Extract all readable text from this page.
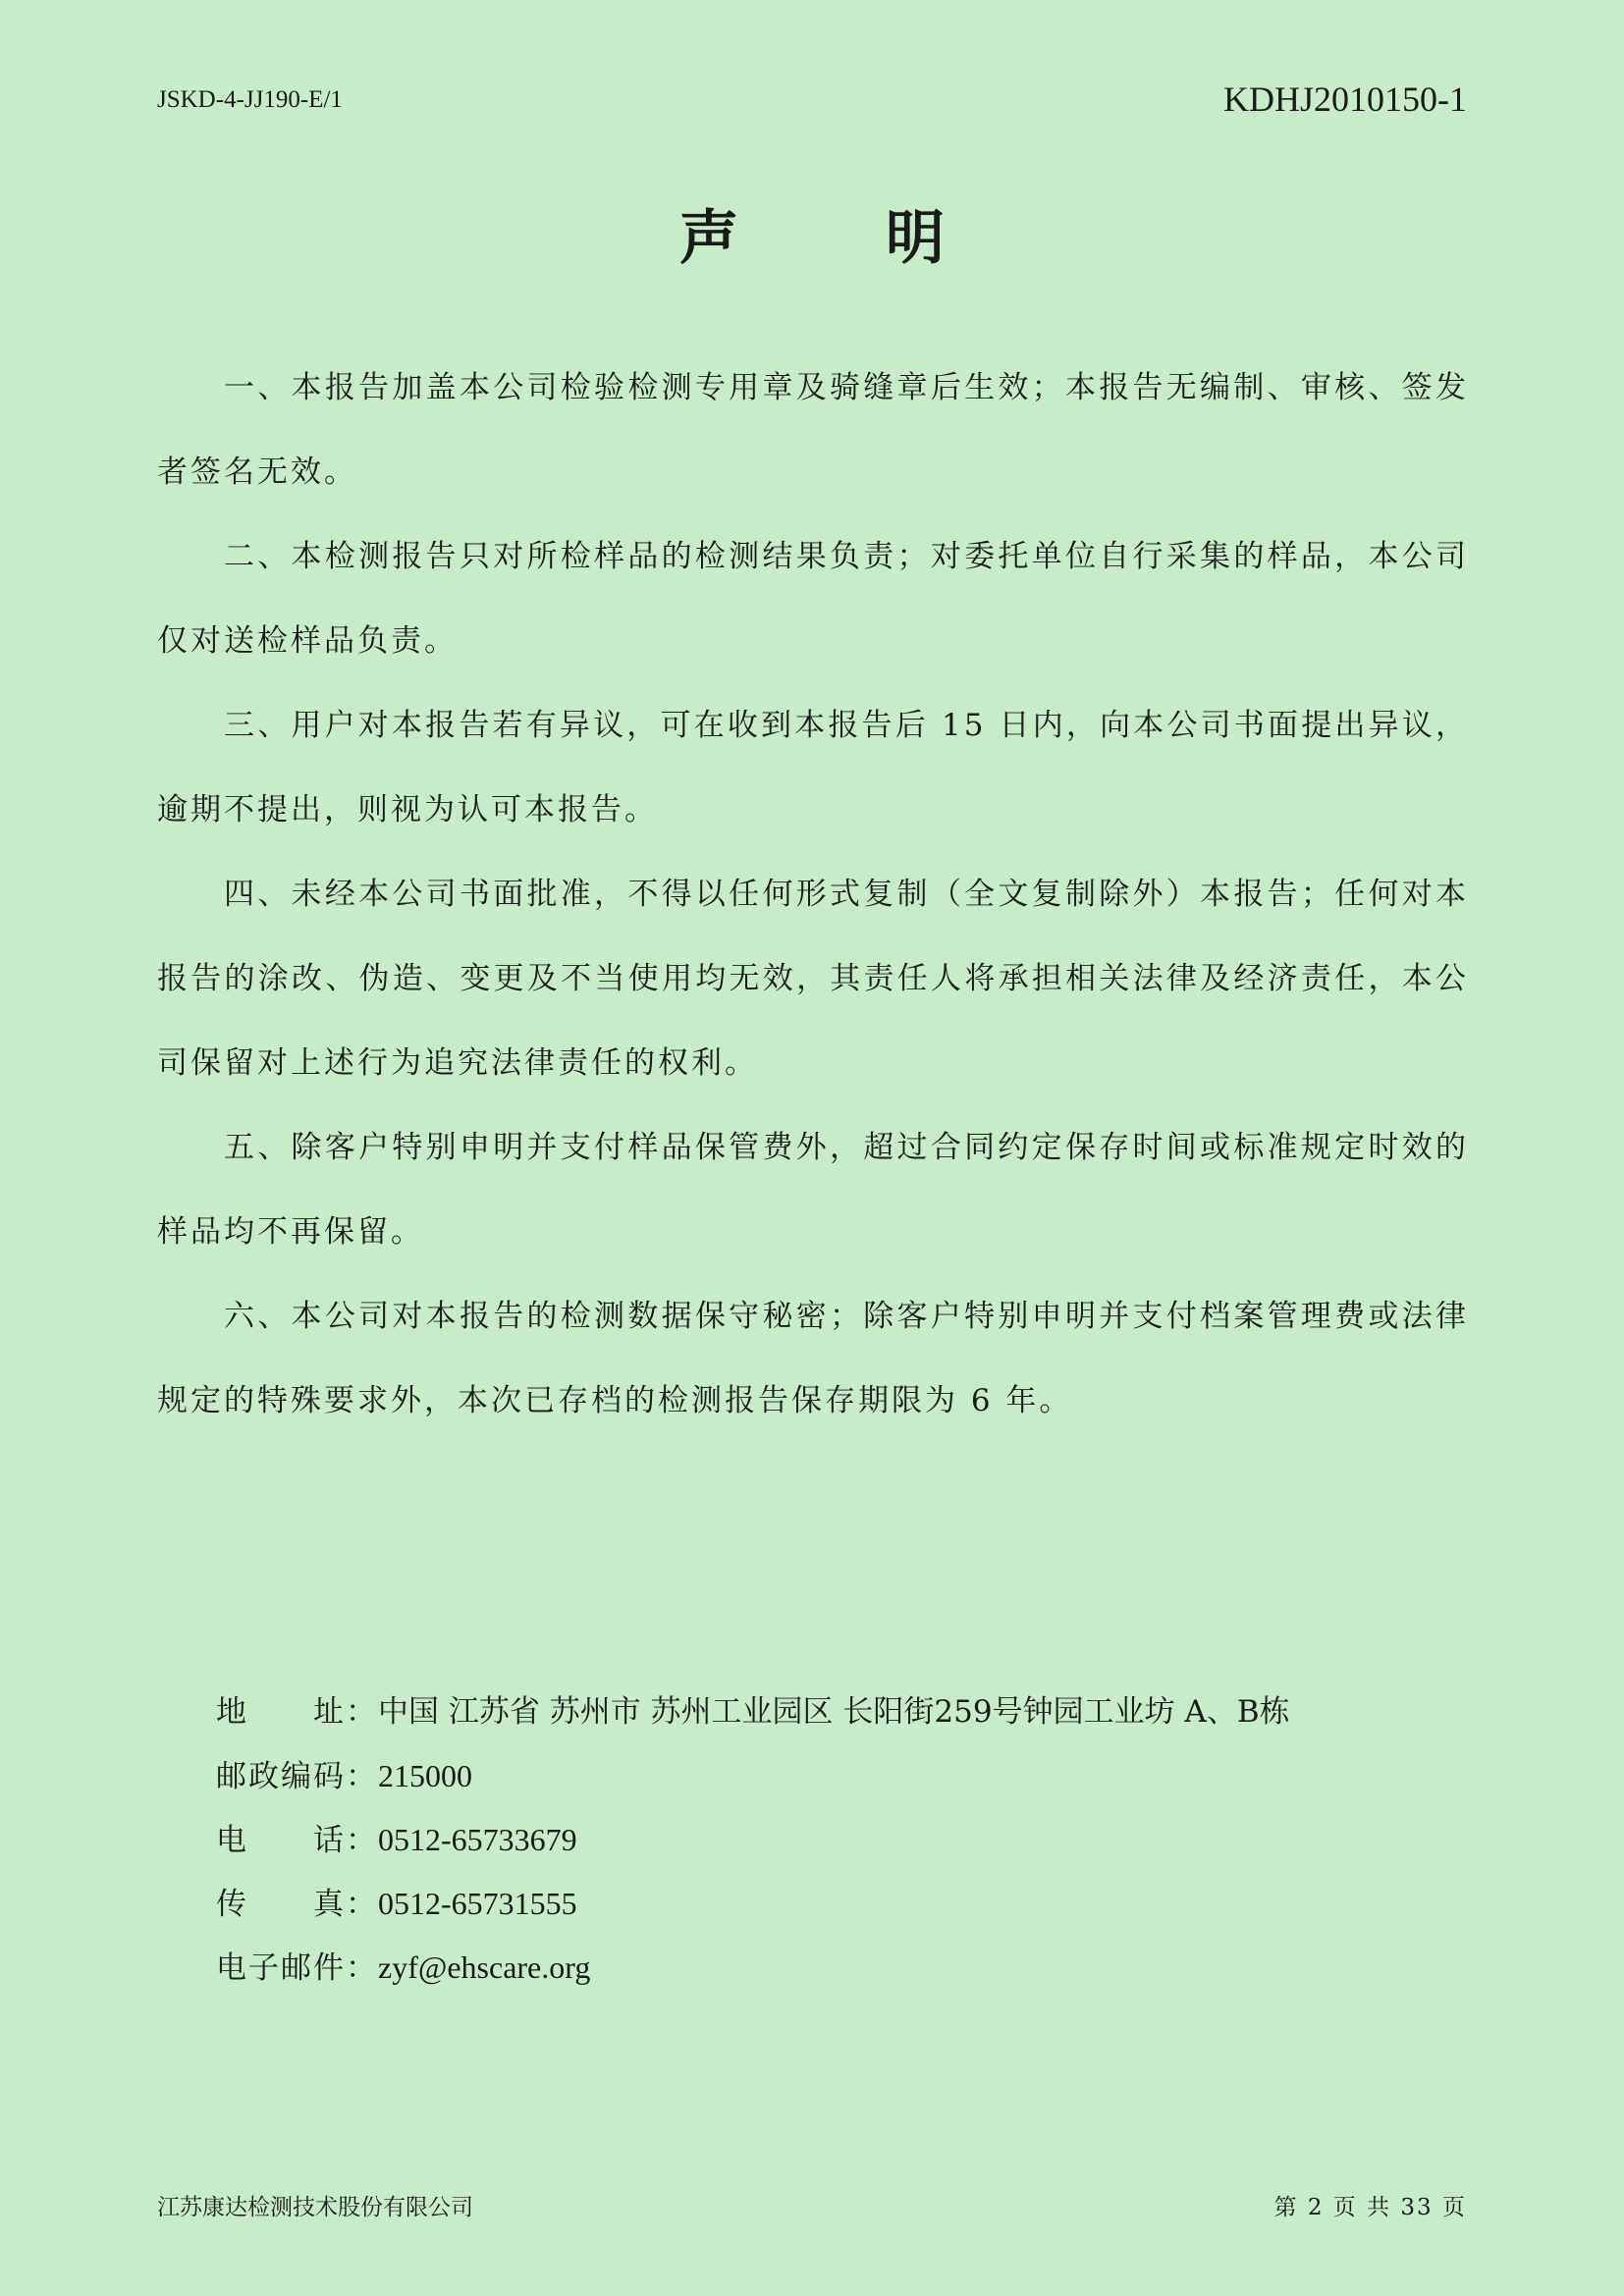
JSKD-4-JJ190-E/1	KDHJ2010150-1
声明

一、本报告加盖本公司检验检测专用章及骑缝章后生效；本报告无编制、审核、签发者签名无效。

二、本检测报告只对所检样品的检测结果负责；对委托单位自行采集的样品，本公司仅对送检样品负责。

三、用户对本报告若有异议，可在收到本报告后 15 日内，向本公司书面提出异议，逾期不提出，则视为认可本报告。

四、未经本公司书面批准，不得以任何形式复制（全文复制除外）本报告；任何对本报告的涂改、伪造、变更及不当使用均无效，其责任人将承担相关法律及经济责任，本公司保留对上述行为追究法律责任的权利。

五、除客户特别申明并支付样品保管费外，超过合同约定保存时间或标准规定时效的样品均不再保留。

六、本公司对本报告的检测数据保守秘密；除客户特别申明并支付档案管理费或法律规定的特殊要求外，本次已存档的检测报告保存期限为 6 年。

地　　址：中国 江苏省 苏州市 苏州工业园区 长阳街259号钟园工业坊 A、B栋
邮政编码：215000
电　　话：0512-65733679
传　　真：0512-65731555
电子邮件：zyf@ehscare.org
江苏康达检测技术股份有限公司	第 2 页 共 33 页
